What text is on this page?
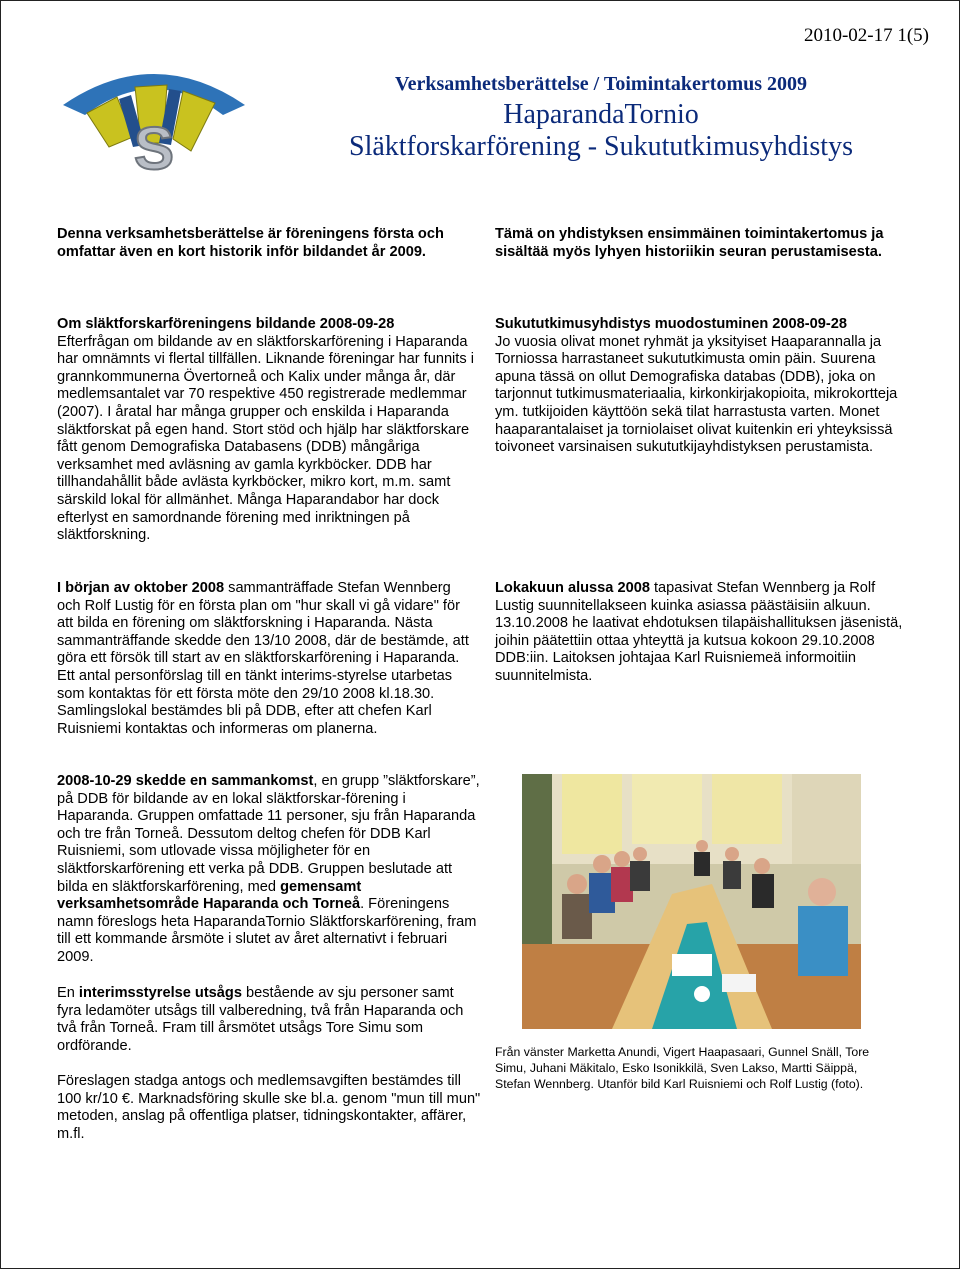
2010-02-17 1(5)
S
Verksamhetsberättelse / Toimintakertomus 2009
HaparandaTornio
Släktforskarförening - Sukututkimusyhdistys
Denna verksamhetsberättelse är föreningens första och omfattar även en kort historik inför bildandet år 2009.
Tämä on yhdistyksen ensimmäinen toimintakertomus ja sisältää myös lyhyen historiikin seuran perustamisesta.
Om släktforskarföreningens bildande 2008-09-28
Efterfrågan om bildande av en släktforskarförening i Haparanda har omnämnts vi flertal tillfällen. Liknande föreningar har funnits i grannkommunerna Övertorneå och Kalix under många år, där medlemsantalet var 70 respektive 450 registrerade medlemmar (2007). I åratal har många grupper och enskilda i Haparanda släktforskat på egen hand. Stort stöd och hjälp har släktforskare fått genom Demografiska Databasens (DDB) mångåriga verksamhet med avläsning av gamla kyrkböcker. DDB har tillhandahållit både avlästa kyrkböcker, mikro kort, m.m. samt särskild lokal för allmänhet. Många Haparandabor har dock efterlyst en samordnande förening med inriktningen på släktforskning.
Sukututkimusyhdistys muodostuminen 2008-09-28
Jo vuosia olivat monet ryhmät ja yksityiset Haaparannalla ja Torniossa harrastaneet sukututkimusta omin päin. Suurena apuna tässä on ollut Demografiska databas (DDB), joka on tarjonnut tutkimusmateriaalia, kirkonkirjakopioita, mikrokortteja ym. tutkijoiden käyttöön sekä tilat harrastusta varten. Monet haaparantalaiset ja torniolaiset olivat kuitenkin eri yhteyksissä toivoneet varsinaisen sukututkijayhdistyksen perustamista.
I början av oktober 2008 sammanträffade Stefan Wennberg och Rolf Lustig för en första plan om "hur skall vi gå vidare" för att bilda en förening om släktforskning i Haparanda. Nästa sammanträffande skedde den 13/10 2008, där de bestämde, att göra ett försök till start av en släktforskarförening i Haparanda. Ett antal personförslag till en tänkt interims-styrelse utarbetas som kontaktas för ett första möte den 29/10 2008 kl.18.30. Samlingslokal bestämdes bli på DDB, efter att chefen Karl Ruisniemi kontaktas och informeras om planerna.
Lokakuun alussa 2008 tapasivat Stefan Wennberg ja Rolf Lustig suunnitellakseen kuinka asiassa päästäisiin alkuun. 13.10.2008 he laativat ehdotuksen tilapäishallituksen jäsenistä, joihin päätettiin ottaa yhteyttä ja kutsua kokoon 29.10.2008 DDB:iin. Laitoksen johtajaa Karl Ruisniemeä informoitiin suunnitelmista.
2008-10-29 skedde en sammankomst, en grupp ”släktforskare”, på DDB för bildande av en lokal släktforskar-förening i Haparanda. Gruppen omfattade 11 personer, sju från Haparanda och tre från Torneå. Dessutom deltog chefen för DDB Karl Ruisniemi, som utlovade vissa möjligheter för en släktforskarförening ett verka på DDB. Gruppen beslutade att bilda en släktforskarförening, med gemensamt verksamhetsområde Haparanda och Torneå. Föreningens namn föreslogs heta HaparandaTornio Släktforskarförening, fram till ett kommande årsmöte i slutet av året alternativt i februari 2009.
En interimsstyrelse utsågs bestående av sju personer samt fyra ledamöter utsågs till valberedning, två från Haparanda och två från Torneå. Fram till årsmötet utsågs Tore Simu som ordförande.
Föreslagen stadga antogs och medlemsavgiften bestämdes till 100 kr/10 €. Marknadsföring skulle ske bl.a. genom "mun till mun" metoden, anslag på offentliga platser, tidningskontakter, affärer, m.fl.
Från vänster Marketta Anundi, Vigert Haapasaari, Gunnel Snäll, Tore Simu, Juhani Mäkitalo, Esko Isonikkilä, Sven Lakso, Martti Säippä, Stefan Wennberg. Utanför bild Karl Ruisniemi och Rolf Lustig (foto).
